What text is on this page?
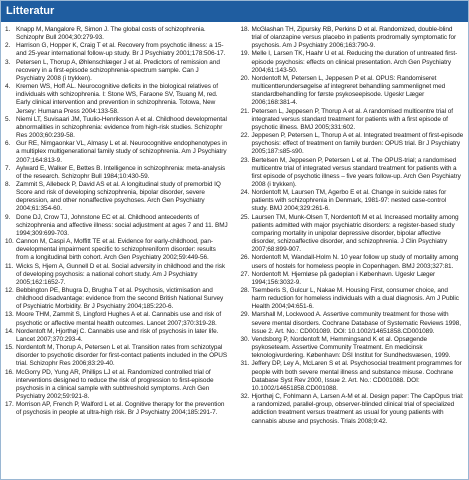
Litteratur
1. Knapp M, Mangalore R, Simon J. The global costs of schizophrenia. Schizophr Bull 2004;30:279-93.
2. Harrison G, Hopper K, Craig T et al. Recovery from psychotic illness: a 15- and 25-year international follow-up study. Br J Psychiatry 2001;178:506-17.
3. Petersen L, Thorup A, Øhlenschlæger J et al. Predictors of remission and recovery in a first-episode schizophrenia-spectrum sample. Can J Psychiatry 2008 (i trykken).
4. Kremen WS, Hoff AL. Neurocognitive deficits in the biological relatives of individuals with schizophrenia. I: Stone WS, Faraone SV, Tsuang M, red. Early clinical intervention and prevention in schizophrenia. Totowa, New Jersey: Humana Press 2004:133-58.
5. Niemi LT, Suvisaari JM, Tuulio-Henriksson A et al. Childhood developmental abnormalities in schizophrenia: evidence from high-risk studies. Schizophr Res 2003;60:239-58.
6. Gur RE, Nimgaonkar VL, Almasy L et al. Neurocognitive endophenotypes in a multiplex multigenerational family study of schizophrenia. Am J Psychiatry 2007;164:813-9.
7. Aylward E, Walker E, Bettes B. Intelligence in schizophrenia: meta-analysis of the research. Schizophr Bull 1984;10:430-59.
8. Zammit S, Allebeck P, David AS et al. A longitudinal study of premorbid IQ Score and risk of developing schizophrenia, bipolar disorder, severe depression, and other nonaffective psychoses. Arch Gen Psychiatry 2004;61:354-60.
9. Done DJ, Crow TJ, Johnstone EC et al. Childhood antecedents of schizophrenia and affective illness: social adjustment at ages 7 and 11. BMJ 1994;309:699-703.
10. Cannon M, Caspi A, Moffitt TE et al. Evidence for early-childhood, pan-developmental impairment specific to schizophreniform disorder: results from a longitudinal birth cohort. Arch Gen Psychiatry 2002;59:449-56.
11. Wicks S, Hjern A, Gunnell D et al. Social adversity in childhood and the risk of developing psychosis: a national cohort study. Am J Psychiatry 2005;162:1652-7.
12. Bebbington PE, Bhugra D, Brugha T et al. Psychosis, victimisation and childhood disadvantage: evidence from the second British National Survey of Psychiatric Morbidity. Br J Psychiatry 2004;185:220-6.
13. Moore THM, Zammit S, Lingford Hughes A et al. Cannabis use and risk of psychotic or affective mental health outcomes. Lancet 2007;370:319-28.
14. Nordentoft M, Hjorthøj C. Cannabis use and risk of psychosis in later life. Lancet 2007;370:293-4.
15. Nordentoft M, Thorup A, Petersen L et al. Transition rates from schizotypal disorder to psychotic disorder for first-contact patients included in the OPUS trial. Schizophr Res 2006;83:29-40.
16. McGorry PD, Yung AR, Phillips LJ et al. Randomized controlled trial of interventions designed to reduce the risk of progression to first-episode psychosis in a clinical sample with subthreshold symptoms. Arch Gen Psychiatry 2002;59:921-8.
17. Morrison AP, French P, Walford L et al. Cognitive therapy for the prevention of psychosis in people at ultra-high risk. Br J Psychiatry 2004;185:291-7.
18. McGlashan TH, Zipursky RB, Perkins D et al. Randomized, double-blind trial of olanzapine versus placebo in patients prodromally symptomatic for psychosis. Am J Psychiatry 2006;163:790-9.
19. Melle I, Larsen TK, Haahr U et al. Reducing the duration of untreated first-episode psychosis: effects on clinical presentation. Arch Gen Psychiatry 2004;61:143-50.
20. Nordentoft M, Petersen L, Jeppesen P et al. OPUS: Randomiseret multicentterundersøgelse af integreret behandling sammenlignet med standardbehandling for første psykoseepisode. Ugeskr Læger 2006;168:381-4.
21. Petersen L, Jeppesen P, Thorup A et al. A randomised multicentre trial of integrated versus standard treatment for patients with a first episode of psychotic illness. BMJ 2005;331:602.
22. Jeppesen P, Petersen L, Thorup A et al. Integrated treatment of first-episode psychosis: effect of treatment on family burden: OPUS trial. Br J Psychiatry 2005;187:s85-s90.
23. Bertelsen M, Jeppesen P, Petersen L et al. The OPUS-trial; a randomised multicentre trial of integrated versus standard treatment for patients with a first episode of psychotic illness – five years follow-up. Arch Gen Psychiatry 2008 (i trykken).
24. Nordentoft M, Laursen TM, Agerbo E et al. Change in suicide rates for patients with schizophrenia in Denmark, 1981-97: nested case-control study. BMJ 2004;329:261-6.
25. Laursen TM, Munk-Olsen T, Nordentoft M et al. Increased mortality among patients admitted with major psychiatric disorders: a register-based study comparing mortality in unipolar depressive disorder, bipolar affective disorder, schizoaffective disorder, and schizophrenia. J Clin Psychiatry 2007;68:899-907.
26. Nordentoft M, Wandall-Holm N. 10 year follow up study of mortality among users of hostels for homeless people in Copenhagen. BMJ 2003;327:81.
27. Nordentoft M. Hjemløse på gadeplan i København. Ugeskr Læger 1994;156:3032-9.
28. Tsemberis S, Gulcur L, Nakae M. Housing First, consumer choice, and harm reduction for homeless individuals with a dual diagnosis. Am J Public Health 2004;94:651-6.
29. Marshall M, Lockwood A. Assertive community treatment for those with severe mental disorders. Cochrane Database of Systematic Reviews 1998, Issue 2. Art. No.: CD001089. DOI: 10.1002/14651858.CD001089.
30. Vendsborg P, Nordentoft M, Hemmingsand K et al. Opsøgende psykoseteam. Assertive Community Treatment. En medicinsk teknologivurdering. København: DSI Institut for Sundhedsvæsen, 1999.
31. Jeffery DP, Ley A, McLaren S et al. Psychosocial treatment programmes for people with both severe mental illness and substance misuse. Cochrane Database Syst Rev 2000, Issue 2. Art. No.: CD001088. DOI: 10.1002/14651858.CD001088.
32. Hjorthøj C, Fohlmann A, Larsen A-M et al. Design paper: The CapOpus trial: a randomized, parallel-group, observer-blinded clinical trial of specialized addiction treatment versus treatment as usual for young patients with cannabis abuse and psychosis. Trials 2008;9:42.
